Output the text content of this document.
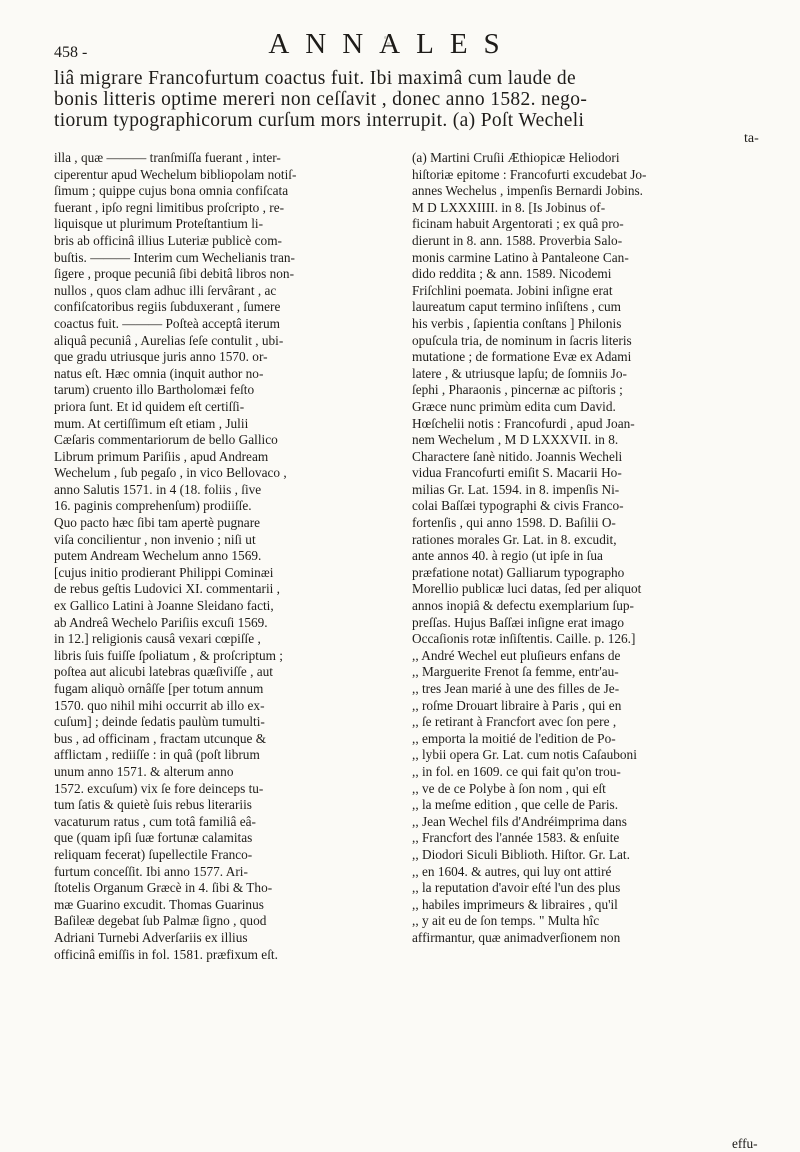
458 -	ANNALES
liâ migrare Francofurtum coactus fuit. Ibi maximâ cum laude de
bonis litteris optime mereri non ceſſavit , donec anno 1582. nego-
tiorum typographicorum curſum mors interrupit. (a) Poſt Wecheli
ta-
illa , quæ ——— tranſmiſſa fuerant , inter-
ciperentur apud Wechelum bibliopolam notiſ-
ſimum ; quippe cujus bona omnia confiſcata
fuerant , ipſo regni limitibus proſcripto , re-
liquisque ut plurimum Proteſtantium li-
bris ab officinâ illius Luteriæ publicè com-
buſtis. ——— Interim cum Wechelianis tran-
ſigere , proque pecuniâ ſibi debitâ libros non-
nullos , quos clam adhuc illi ſervârant , ac
confiſcatoribus regiis ſubduxerant , ſumere
coactus fuit. ——— Poſteà acceptâ iterum
aliquâ pecuniâ , Aurelias ſeſe contulit , ubi-
que gradu utriusque juris anno 1570. or-
natus eſt. Hæc omnia (inquit author no-
tarum) cruento illo Bartholomæi feſto
priora ſunt. Et id quidem eſt certiſſi-
mum. At certiſſimum eſt etiam , Julii
Cæſaris commentariorum de bello Gallico
Librum primum Pariſiis , apud Andream
Wechelum , ſub pegaſo , in vico Bellovaco ,
anno Salutis 1571. in 4 (18. foliis , ſive
16. paginis comprehenſum) prodiiſſe.
Quo pacto hæc ſibi tam apertè pugnare
viſa concilientur , non invenio ; niſi ut
putem Andream Wechelum anno 1569.
[cujus initio prodierant Philippi Cominæi
de rebus geſtis Ludovici XI. commentarii ,
ex Gallico Latini à Joanne Sleidano facti,
ab Andreâ Wechelo Pariſiis excuſi 1569.
in 12.] religionis causâ vexari cœpiſſe ,
libris ſuis fuiſſe ſpoliatum , & proſcriptum ;
poſtea aut alicubi latebras quæſiviſſe , aut
fugam aliquò ornâſſe [per totum annum
1570. quo nihil mihi occurrit ab illo ex-
cuſum] ; deinde ſedatis paulùm tumulti-
bus , ad officinam , fractam utcunque &
afflictam , rediiſſe : in quâ (poſt librum
unum anno 1571. & alterum anno
1572. excuſum) vix ſe fore deinceps tu-
tum ſatis & quietè ſuis rebus literariis
vacaturum ratus , cum totâ familiâ eâ-
que (quam ipſi ſuæ fortunæ calamitas
reliquam fecerat) ſupellectile Franco-
furtum conceſſit. Ibi anno 1577. Ari-
ſtotelis Organum Græcè in 4. ſibi & Tho-
mæ Guarino excudit. Thomas Guarinus
Baſileæ degebat ſub Palmæ ſigno , quod
Adriani Turnebi Adverſariis ex illius
officinâ emiſſis in fol. 1581. præfixum eſt.
(a) Martini Cruſii Æthiopicæ Heliodori
hiſtoriæ epitome : Francofurti excudebat Jo-
annes Wechelus , impenſis Bernardi Jobins.
M D LXXXIIII. in 8. [Is Jobinus of-
ficinam habuit Argentorati ; ex quâ pro-
dierunt in 8. ann. 1588. Proverbia Salo-
monis carmine Latino à Pantaleone Can-
dido reddita ; & ann. 1589. Nicodemi
Friſchlini poemata. Jobini inſigne erat
laureatum caput termino inſiſtens , cum
his verbis , ſapientia conſtans ] Philonis
opuſcula tria, de nominum in ſacris literis
mutatione ; de formatione Evæ ex Adami
latere , & utriusque lapſu; de ſomniis Jo-
ſephi , Pharaonis , pincernæ ac piſtoris ;
Græce nunc primùm edita cum David.
Hœſchelii notis : Francofurdi , apud Joan-
nem Wechelum , M D LXXXVII. in 8.
Charactere ſanè nitido. Joannis Wecheli
vidua Francofurti emiſit S. Macarii Ho-
milias Gr. Lat. 1594. in 8. impenſis Ni-
colai Baſſæi typographi & civis Franco-
fortenſis , qui anno 1598. D. Baſilii O-
rationes morales Gr. Lat. in 8. excudit,
ante annos 40. à regio (ut ipſe in ſua
præfatione notat) Galliarum typographo
Morellio publicæ luci datas, ſed per aliquot
annos inopiâ & defectu exemplarium ſup-
preſſas. Hujus Baſſæi inſigne erat imago
Occaſionis rotæ inſiſtentis. Caille. p. 126.]
,, André Wechel eut pluſieurs enfans de
,, Marguerite Frenot ſa femme, entr'au-
,, tres Jean marié à une des filles de Je-
,, roſme Drouart libraire à Paris , qui en
,, ſe retirant à Francfort avec ſon pere ,
,, emporta la moitié de l'edition de Po-
,, lybii opera Gr. Lat. cum notis Caſauboni
,, in fol. en 1609. ce qui fait qu'on trou-
,, ve de ce Polybe à ſon nom , qui eſt
,, la meſme edition , que celle de Paris.
,, Jean Wechel fils d'Andréimprima dans
,, Francfort des l'année 1583. & enſuite
,, Diodori Siculi Biblioth. Hiſtor. Gr. Lat.
,, en 1604. & autres, qui luy ont attiré
,, la reputation d'avoir eſté l'un des plus
,, habiles imprimeurs & libraires , qu'il
,, y ait eu de ſon temps. " Multa hîc
affirmantur, quæ animadverſionem non
effu-
